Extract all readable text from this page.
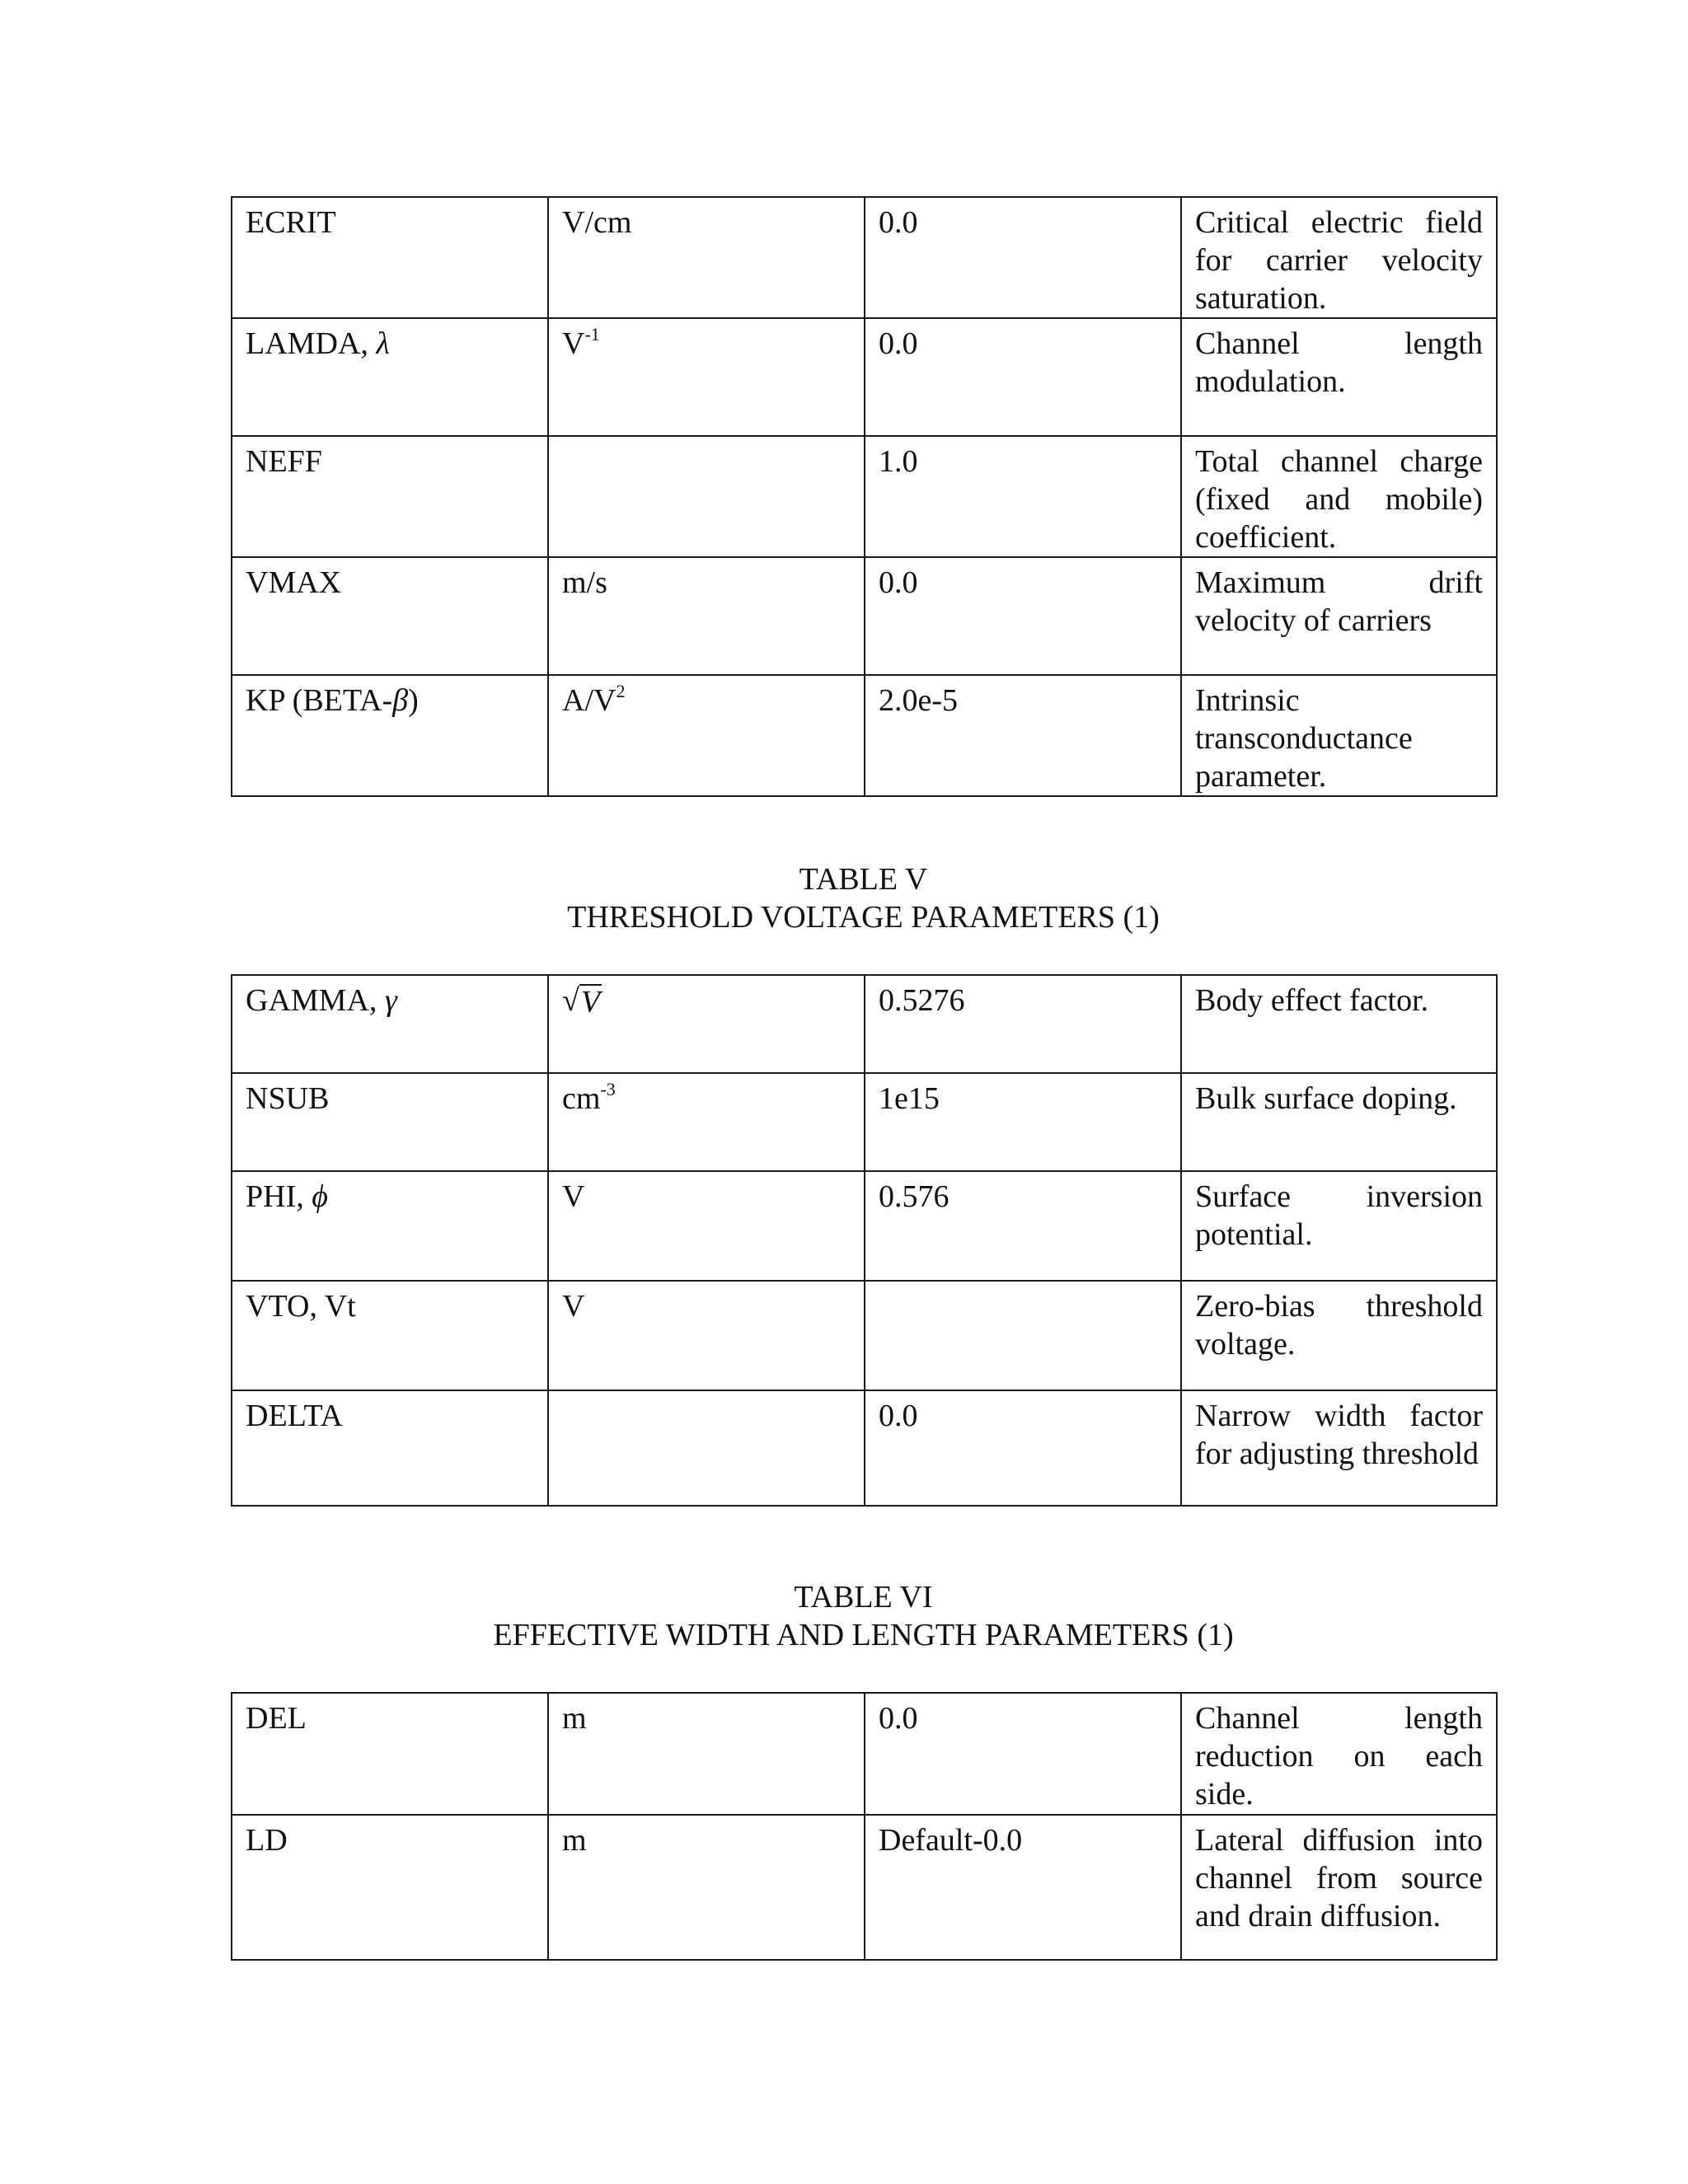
ECRIT	V/cm	0.0	Critical electric field for carrier velocity saturation.
LAMDA, λ	$V^{-1}$	0.0	Channel length modulation.
NEFF		1.0	Total channel charge (fixed and mobile) coefficient.
VMAX	m/s	0.0	Maximum drift velocity of carriers
KP (BETA-β)	$A/V^2$	2.0e-5	Intrinsic transconductance parameter.
TABLE V
THRESHOLD VOLTAGE PARAMETERS (1)
GAMMA, γ	√ V	0.5276	Body effect factor.
NSUB	$cm^{-3}$	1e15	Bulk surface doping.
PHI, ϕ	V	0.576	Surface inversion potential.
VTO, Vt	V		Zero-bias threshold voltage.
DELTA		0.0	Narrow width factor for adjusting threshold
TABLE VI
EFFECTIVE WIDTH AND LENGTH PARAMETERS (1)
DEL	m	0.0	Channel length reduction on each side.
LD	m	Default-0.0	Lateral diffusion into channel from source and drain diffusion.
